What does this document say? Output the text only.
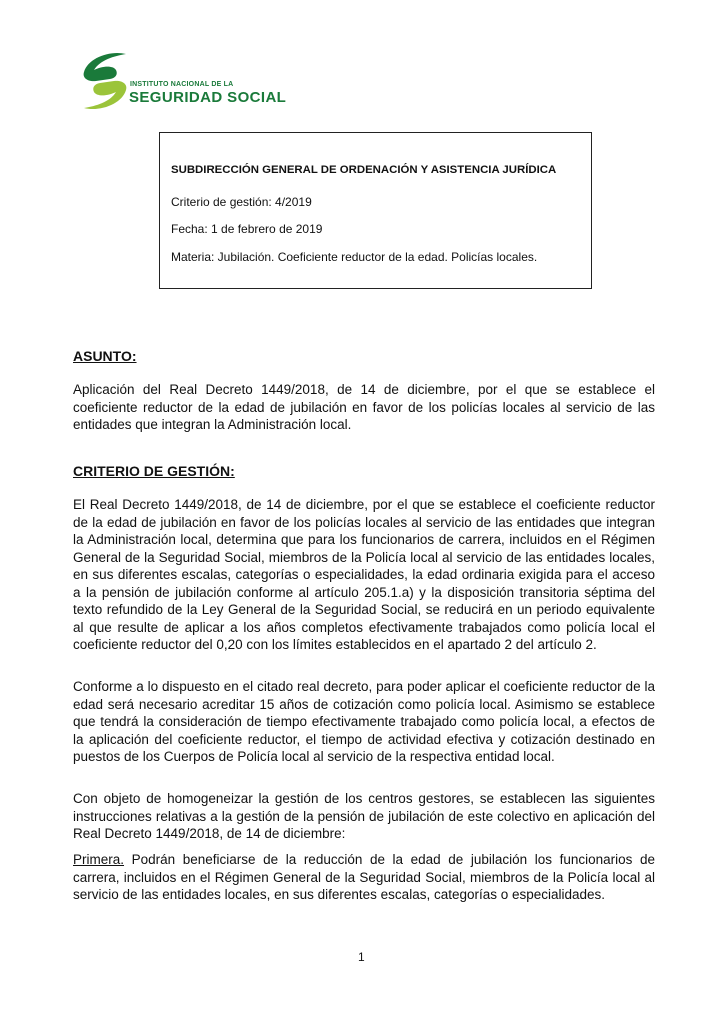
INSTITUTO NACIONAL DE LA
SEGURIDAD SOCIAL
SUBDIRECCIÓN GENERAL DE ORDENACIÓN Y ASISTENCIA JURÍDICA
Criterio de gestión: 4/2019
Fecha: 1 de febrero de 2019
Materia: Jubilación. Coeficiente reductor de la edad. Policías locales.
ASUNTO:
Aplicación del Real Decreto 1449/2018, de 14 de diciembre, por el que se establece el coeficiente reductor de la edad de jubilación en favor de los policías locales al servicio de las entidades que integran la Administración local.
CRITERIO DE GESTIÓN:
El Real Decreto 1449/2018, de 14 de diciembre, por el que se establece el coeficiente reductor de la edad de jubilación en favor de los policías locales al servicio de las entidades que integran la Administración local, determina que para los funcionarios de carrera, incluidos en el Régimen General de la Seguridad Social, miembros de la Policía local al servicio de las entidades locales, en sus diferentes escalas, categorías o especialidades, la edad ordinaria exigida para el acceso a la pensión de jubilación conforme al artículo 205.1.a) y la disposición transitoria séptima del texto refundido de la Ley General de la Seguridad Social, se reducirá en un periodo equivalente al que resulte de aplicar a los años completos efectivamente trabajados como policía local el coeficiente reductor del 0,20 con los límites establecidos en el apartado 2 del artículo 2.
Conforme a lo dispuesto en el citado real decreto, para poder aplicar el coeficiente reductor de la edad será necesario acreditar 15 años de cotización como policía local. Asimismo se establece que tendrá la consideración de tiempo efectivamente trabajado como policía local, a efectos de la aplicación del coeficiente reductor, el tiempo de actividad efectiva y cotización destinado en puestos de los Cuerpos de Policía local al servicio de la respectiva entidad local.
Con objeto de homogeneizar la gestión de los centros gestores, se establecen las siguientes instrucciones relativas a la gestión de la pensión de jubilación de este colectivo en aplicación del Real Decreto 1449/2018, de 14 de diciembre:
Primera. Podrán beneficiarse de la reducción de la edad de jubilación los funcionarios de carrera, incluidos en el Régimen General de la Seguridad Social, miembros de la Policía local al servicio de las entidades locales, en sus diferentes escalas, categorías o especialidades.
1
